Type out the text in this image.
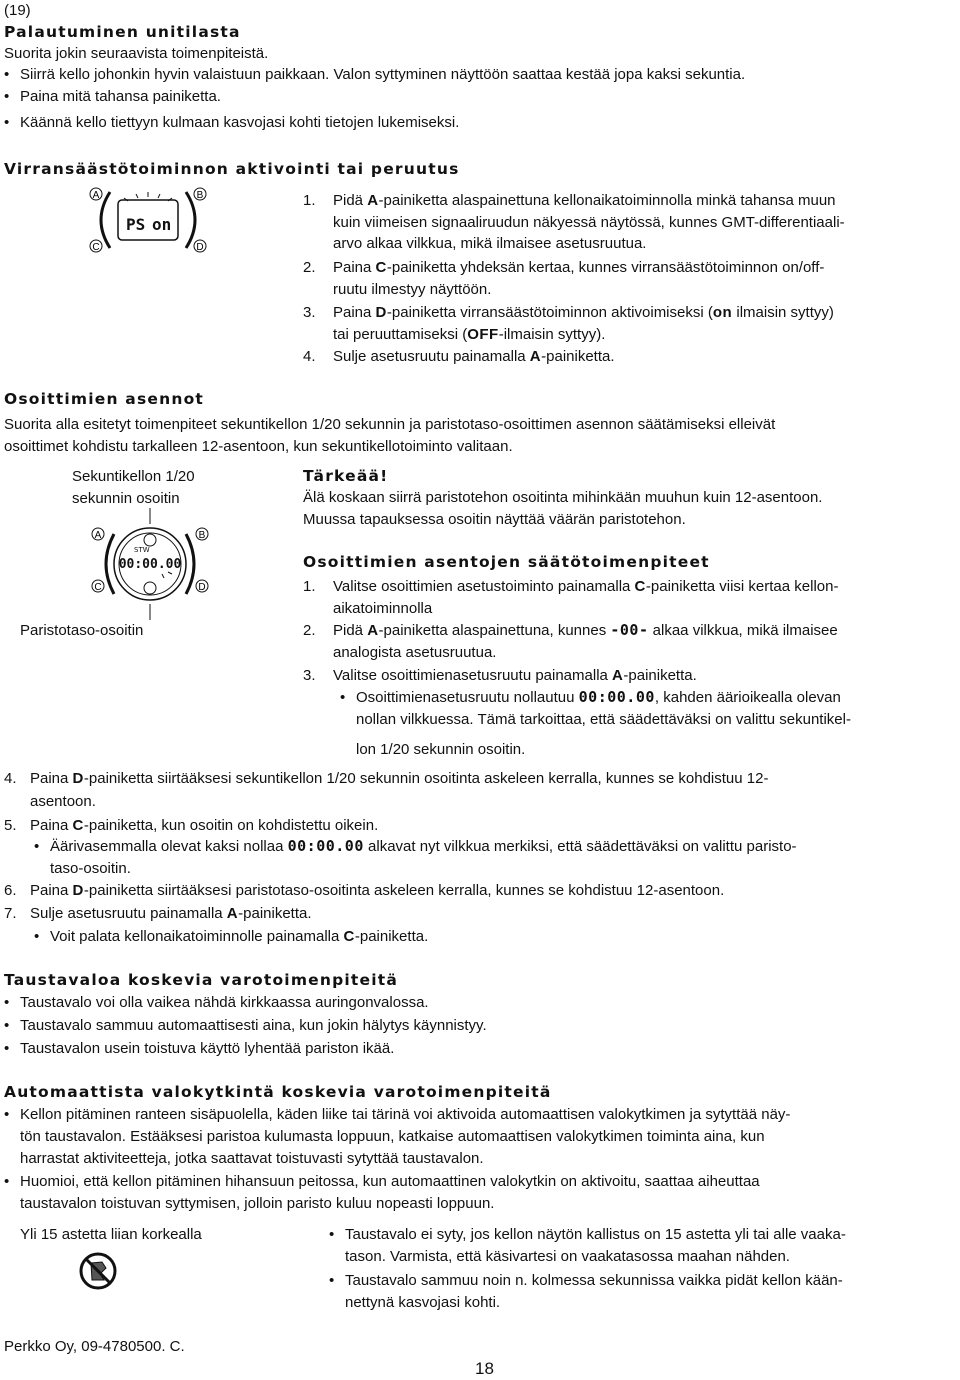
(19)
Palautuminen unitilasta
Suorita jokin seuraavista toimenpiteistä.
• Siirrä kello johonkin hyvin valaistuun paikkaan. Valon syttyminen näyttöön saattaa kestää jopa kaksi sekuntia.
• Paina mitä tahansa painiketta.
• Käännä kello tiettyyn kulmaan kasvojasi kohti tietojen lukemiseksi.
Virransäästötoiminnon aktivointi tai peruutus
PS on
A	B
C	D
1. Pidä A-painiketta alaspainettuna kellonaikatoiminnolla minkä tahansa muun
kuin viimeisen signaaliruudun näkyessä näytössä, kunnes GMT-differentiaali-
arvo alkaa vilkkua, mikä ilmaisee asetusruutua.
2. Paina C-painiketta yhdeksän kertaa, kunnes virransäästötoiminnon on/off-
ruutu ilmestyy näyttöön.
3. Paina D-painiketta virransäästötoiminnon aktivoimiseksi (on ilmaisin syttyy)
tai peruuttamiseksi (OFF-ilmaisin syttyy).
4. Sulje asetusruutu painamalla A-painiketta.
Osoittimien asennot
Suorita alla esitetyt toimenpiteet sekuntikellon 1/20 sekunnin ja paristotaso-osoittimen asennon säätämiseksi elleivät
osoittimet kohdistu tarkalleen 12-asentoon, kun sekuntikellotoiminto valitaan.
Sekuntikellon 1/20
sekunnin osoitin
STW
00:00.00
A	B
C	D
Paristotaso-osoitin
Tärkeää!
Älä koskaan siirrä paristotehon osoitinta mihinkään muuhun kuin 12-asentoon.
Muussa tapauksessa osoitin näyttää väärän paristotehon.
Osoittimien asentojen säätötoimenpiteet
1. Valitse osoittimien asetustoiminto painamalla C-painiketta viisi kertaa kellon-
aikatoiminnolla
2. Pidä A-painiketta alaspainettuna, kunnes -00- alkaa vilkkua, mikä ilmaisee
analogista asetusruutua.
3. Valitse osoittimienasetusruutu painamalla A-painiketta.
• Osoittimienasetusruutu nollautuu 00:00.00, kahden äärioikealla olevan
nollan vilkkuessa. Tämä tarkoittaa, että säädettäväksi on valittu sekuntikel-
lon 1/20 sekunnin osoitin.
4. Paina D-painiketta siirtääksesi sekuntikellon 1/20 sekunnin osoitinta askeleen kerralla, kunnes se kohdistuu 12-
asentoon.
5. Paina C-painiketta, kun osoitin on kohdistettu oikein.
• Äärivasemmalla olevat kaksi nollaa 00:00.00 alkavat nyt vilkkua merkiksi, että säädettäväksi on valittu paristo-
taso-osoitin.
6. Paina D-painiketta siirtääksesi paristotaso-osoitinta askeleen kerralla, kunnes se kohdistuu 12-asentoon.
7. Sulje asetusruutu painamalla A-painiketta.
• Voit palata kellonaikatoiminnolle painamalla C-painiketta.
Taustavaloa koskevia varotoimenpiteitä
• Taustavalo voi olla vaikea nähdä kirkkaassa auringonvalossa.
• Taustavalo sammuu automaattisesti aina, kun jokin hälytys käynnistyy.
• Taustavalon usein toistuva käyttö lyhentää pariston ikää.
Automaattista valokytkintä koskevia varotoimenpiteitä
• Kellon pitäminen ranteen sisäpuolella, käden liike tai tärinä voi aktivoida automaattisen valokytkimen ja sytyttää näy-
tön taustavalon. Estääksesi paristoa kulumasta loppuun, katkaise automaattisen valokytkimen toiminta aina, kun
harrastat aktiviteetteja, jotka saattavat toistuvasti sytyttää taustavalon.
• Huomioi, että kellon pitäminen hihansuun peitossa, kun automaattinen valokytkin on aktivoitu, saattaa aiheuttaa
taustavalon toistuvan syttymisen, jolloin paristo kuluu nopeasti loppuun.
Yli 15 astetta liian korkealla
•	Taustavalo ei syty, jos kellon näytön kallistus on 15 astetta yli tai alle vaaka-
tason. Varmista, että käsivartesi on vaakatasossa maahan nähden.
• Taustavalo sammuu noin n. kolmessa sekunnissa vaikka pidät kellon kään-
nettynä kasvojasi kohti.
Perkko Oy, 09-4780500. C.
18
